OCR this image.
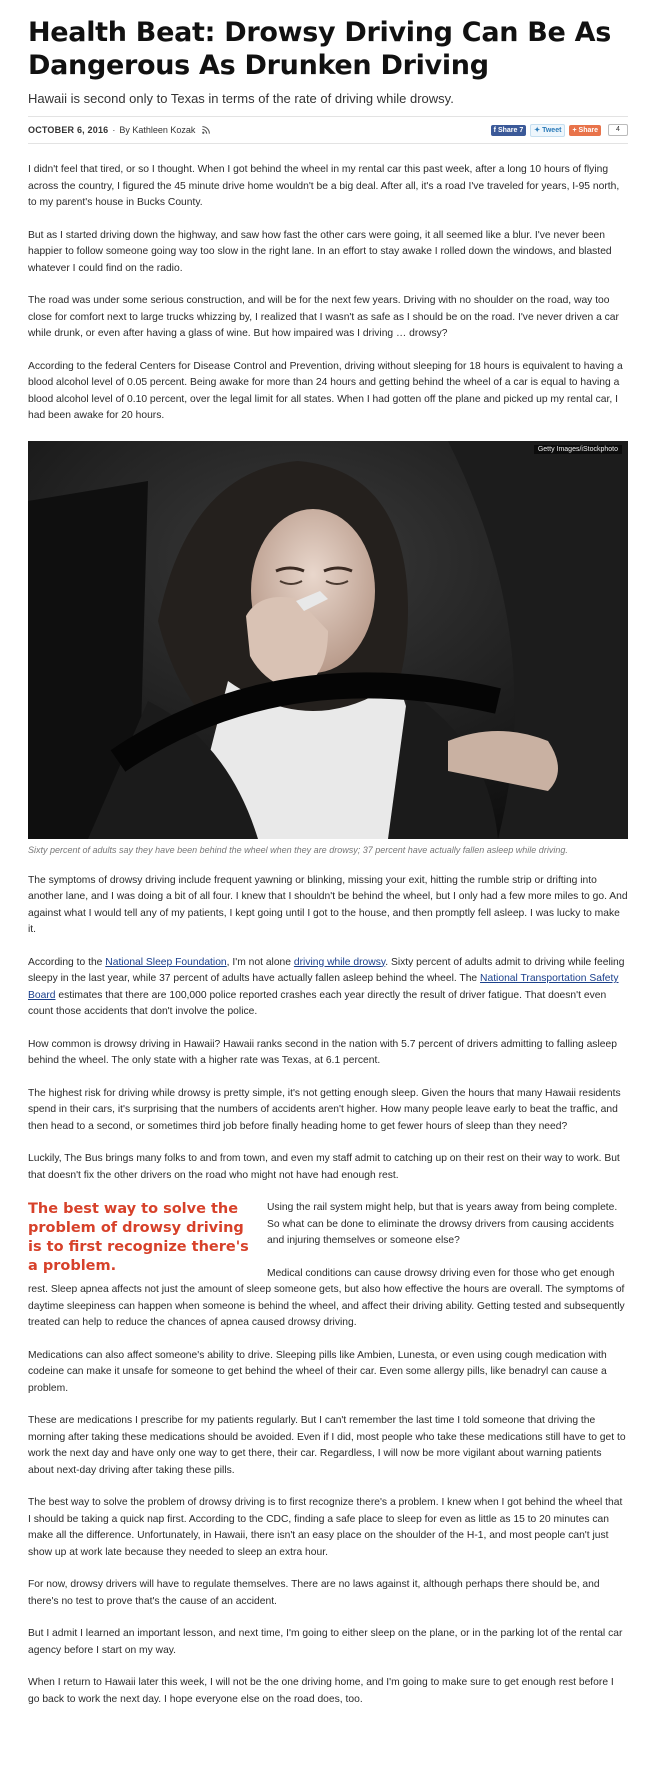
Health Beat: Drowsy Driving Can Be As Dangerous As Drunken Driving

Hawaii is second only to Texas in terms of the rate of driving while drowsy.

OCTOBER 6, 2016 · By Kathleen Kozak	f Share 7 ✦ Tweet + Share	4

I didn't feel that tired, or so I thought. When I got behind the wheel in my rental car this past week, after a long 10 hours of flying across the country, I figured the 45 minute drive home wouldn't be a big deal. After all, it's a road I've traveled for years, I-95 north, to my parent's house in Bucks County.

But as I started driving down the highway, and saw how fast the other cars were going, it all seemed like a blur. I've never been happier to follow someone going way too slow in the right lane. In an effort to stay awake I rolled down the windows, and blasted whatever I could find on the radio.

The road was under some serious construction, and will be for the next few years. Driving with no shoulder on the road, way too close for comfort next to large trucks whizzing by, I realized that I wasn't as safe as I should be on the road. I've never driven a car while drunk, or even after having a glass of wine. But how impaired was I driving … drowsy?

According to the federal Centers for Disease Control and Prevention, driving without sleeping for 18 hours is equivalent to having a blood alcohol level of 0.05 percent. Being awake for more than 24 hours and getting behind the wheel of a car is equal to having a blood alcohol level of 0.10 percent, over the legal limit for all states. When I had gotten off the plane and picked up my rental car, I had been awake for 20 hours.

Getty Images/iStockphoto

Sixty percent of adults say they have been behind the wheel when they are drowsy; 37 percent have actually fallen asleep while driving.

The symptoms of drowsy driving include frequent yawning or blinking, missing your exit, hitting the rumble strip or drifting into another lane, and I was doing a bit of all four. I knew that I shouldn't be behind the wheel, but I only had a few more miles to go. And against what I would tell any of my patients, I kept going until I got to the house, and then promptly fell asleep. I was lucky to make it.

According to the National Sleep Foundation, I'm not alone driving while drowsy. Sixty percent of adults admit to driving while feeling sleepy in the last year, while 37 percent of adults have actually fallen asleep behind the wheel. The National Transportation Safety Board estimates that there are 100,000 police reported crashes each year directly the result of driver fatigue. That doesn't even count those accidents that don't involve the police.

How common is drowsy driving in Hawaii? Hawaii ranks second in the nation with 5.7 percent of drivers admitting to falling asleep behind the wheel. The only state with a higher rate was Texas, at 6.1 percent.

The highest risk for driving while drowsy is pretty simple, it's not getting enough sleep. Given the hours that many Hawaii residents spend in their cars, it's surprising that the numbers of accidents aren't higher. How many people leave early to beat the traffic, and then head to a second, or sometimes third job before finally heading home to get fewer hours of sleep than they need?

Luckily, The Bus brings many folks to and from town, and even my staff admit to catching up on their rest on their way to work. But that doesn't fix the other drivers on the road who might not have had enough rest.

The best way to solve the problem of drowsy driving is to first recognize there's a problem.

Using the rail system might help, but that is years away from being complete. So what can be done to eliminate the drowsy drivers from causing accidents and injuring themselves or someone else?

Medical conditions can cause drowsy driving even for those who get enough rest. Sleep apnea affects not just the amount of sleep someone gets, but also how effective the hours are overall. The symptoms of daytime sleepiness can happen when someone is behind the wheel, and affect their driving ability. Getting tested and subsequently treated can help to reduce the chances of apnea caused drowsy driving.

Medications can also affect someone's ability to drive. Sleeping pills like Ambien, Lunesta, or even using cough medication with codeine can make it unsafe for someone to get behind the wheel of their car. Even some allergy pills, like benadryl can cause a problem.

These are medications I prescribe for my patients regularly. But I can't remember the last time I told someone that driving the morning after taking these medications should be avoided. Even if I did, most people who take these medications still have to get to work the next day and have only one way to get there, their car. Regardless, I will now be more vigilant about warning patients about next-day driving after taking these pills.

The best way to solve the problem of drowsy driving is to first recognize there's a problem. I knew when I got behind the wheel that I should be taking a quick nap first. According to the CDC, finding a safe place to sleep for even as little as 15 to 20 minutes can make all the difference. Unfortunately, in Hawaii, there isn't an easy place on the shoulder of the H-1, and most people can't just show up at work late because they needed to sleep an extra hour.

For now, drowsy drivers will have to regulate themselves. There are no laws against it, although perhaps there should be, and there's no test to prove that's the cause of an accident.

But I admit I learned an important lesson, and next time, I'm going to either sleep on the plane, or in the parking lot of the rental car agency before I start on my way.

When I return to Hawaii later this week, I will not be the one driving home, and I'm going to make sure to get enough rest before I go back to work the next day. I hope everyone else on the road does, too.
